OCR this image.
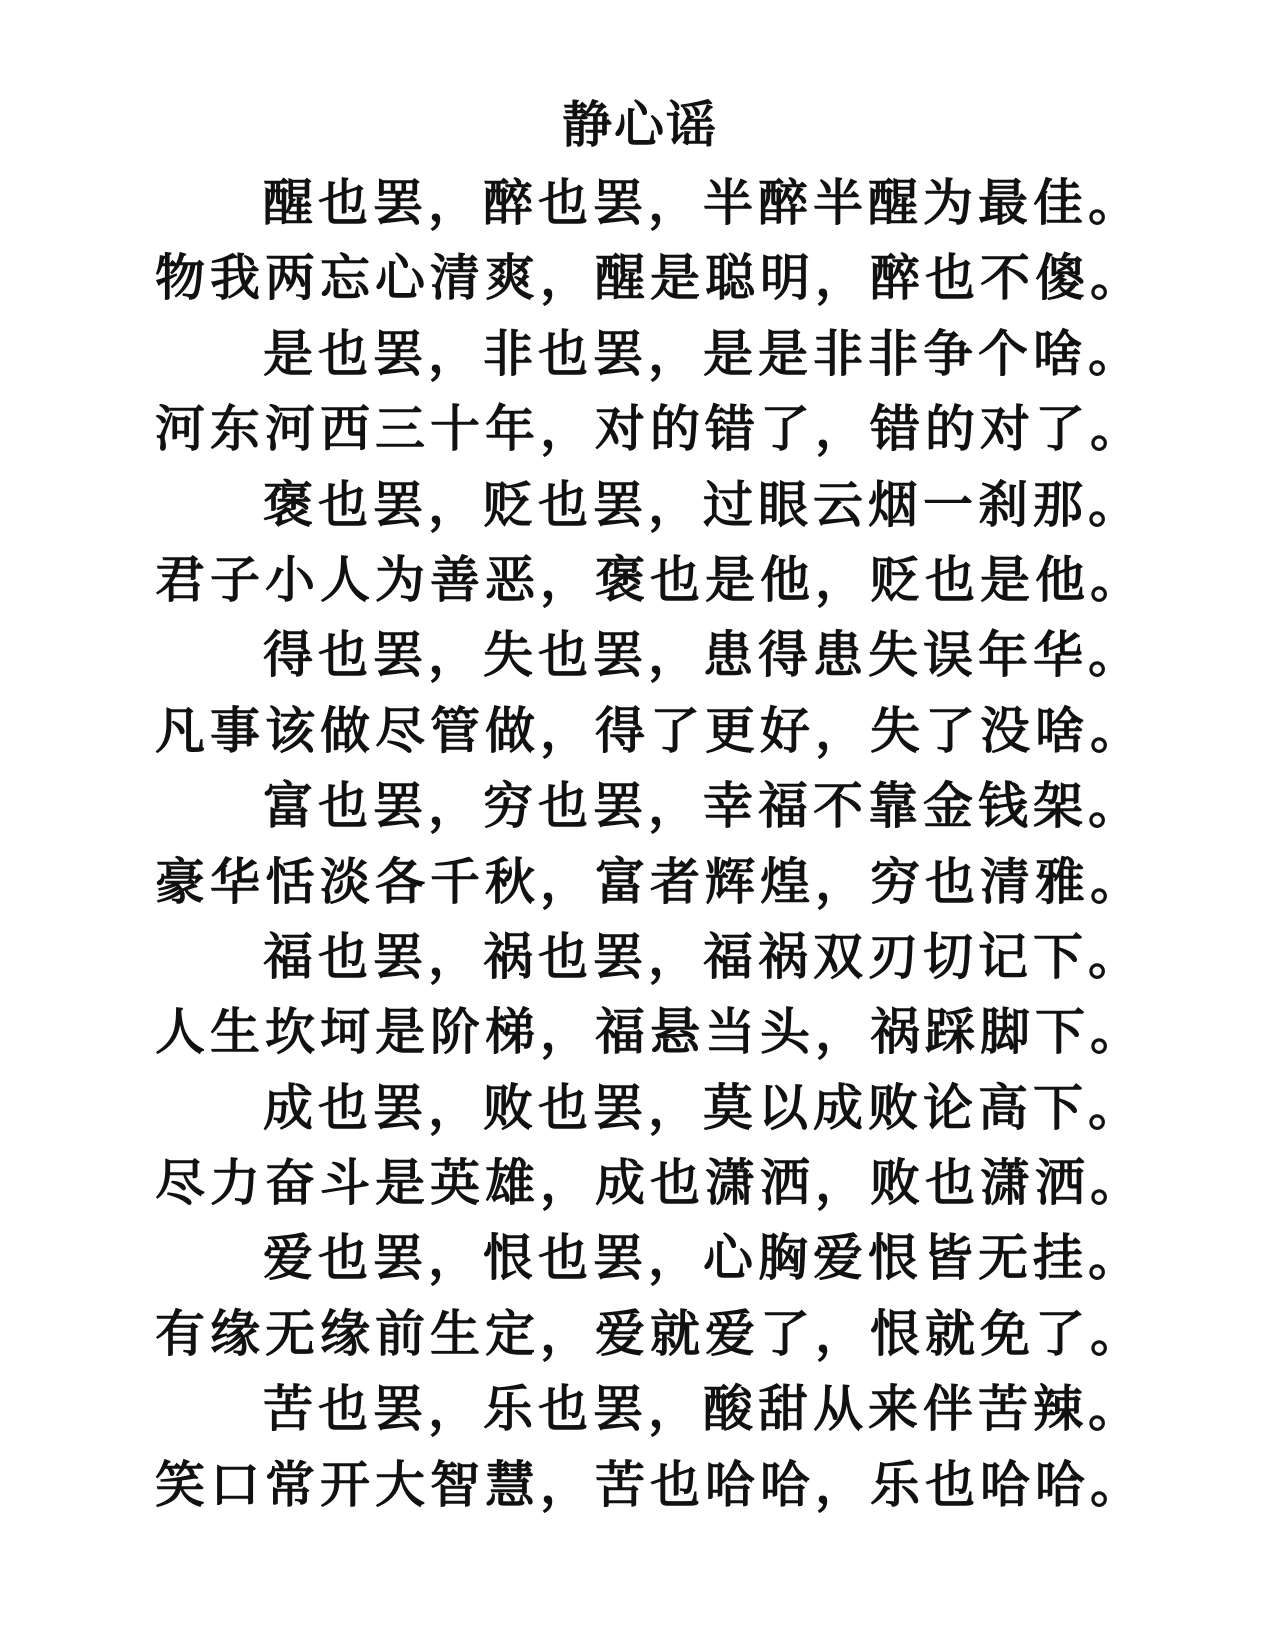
静心谣
醒也罢，醉也罢，半醉半醒为最佳。
物我两忘心清爽，醒是聪明，醉也不傻。
是也罢，非也罢，是是非非争个啥。
河东河西三十年，对的错了，错的对了。
褒也罢，贬也罢，过眼云烟一刹那。
君子小人为善恶，褒也是他，贬也是他。
得也罢，失也罢，患得患失误年华。
凡事该做尽管做，得了更好，失了没啥。
富也罢，穷也罢，幸福不靠金钱架。
豪华恬淡各千秋，富者辉煌，穷也清雅。
福也罢，祸也罢，福祸双刃切记下。
人生坎坷是阶梯，福悬当头，祸踩脚下。
成也罢，败也罢，莫以成败论高下。
尽力奋斗是英雄，成也潇洒，败也潇洒。
爱也罢，恨也罢，心胸爱恨皆无挂。
有缘无缘前生定，爱就爱了，恨就免了。
苦也罢，乐也罢，酸甜从来伴苦辣。
笑口常开大智慧，苦也哈哈，乐也哈哈。
